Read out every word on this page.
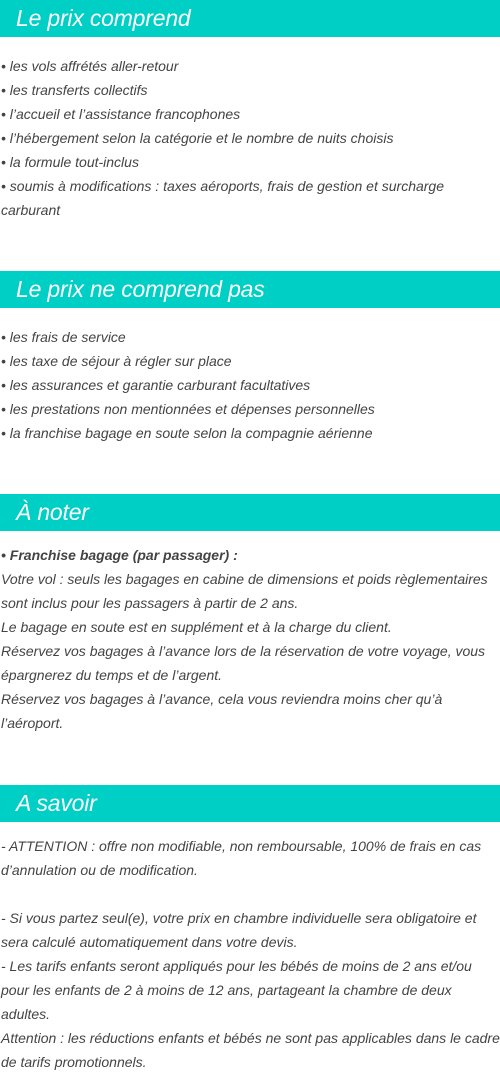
Le prix comprend
• les vols affrétés aller-retour
• les transferts collectifs
• l’accueil et l’assistance francophones
• l’hébergement selon la catégorie et le nombre de nuits choisis
• la formule tout-inclus
• soumis à modifications : taxes aéroports, frais de gestion et surcharge carburant
Le prix ne comprend pas
• les frais de service
• les taxe de séjour à régler sur place
• les assurances et garantie carburant facultatives
• les prestations non mentionnées et dépenses personnelles
• la franchise bagage en soute selon la compagnie aérienne
À noter
• Franchise bagage (par passager) :
Votre vol : seuls les bagages en cabine de dimensions et poids règlementaires sont inclus pour les passagers à partir de 2 ans.
Le bagage en soute est en supplément et à la charge du client.
Réservez vos bagages à l’avance lors de la réservation de votre voyage, vous épargnerez du temps et de l’argent.
Réservez vos bagages à l’avance, cela vous reviendra moins cher qu’à l’aéroport.
A savoir
- ATTENTION : offre non modifiable, non remboursable, 100% de frais en cas d’annulation ou de modification.
- Si vous partez seul(e), votre prix en chambre individuelle sera obligatoire et sera calculé automatiquement dans votre devis.
- Les tarifs enfants seront appliqués pour les bébés de moins de 2 ans et/ou pour les enfants de 2 à moins de 12 ans, partageant la chambre de deux adultes.
Attention : les réductions enfants et bébés ne sont pas applicables dans le cadre de tarifs promotionnels.
